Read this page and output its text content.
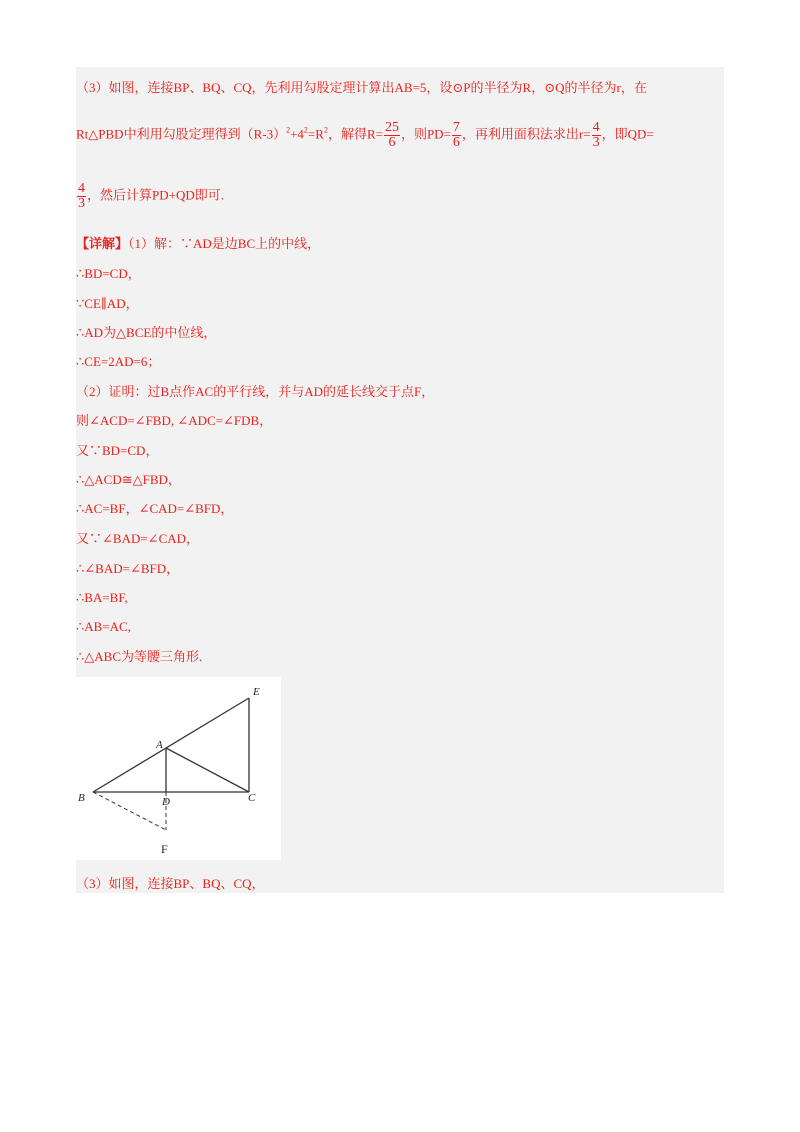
（3）如图，连接BP、BQ、CQ，先利用勾股定理计算出AB=5，设⊙P的半径为R，⊙Q的半径为r，在
Rt△PBD中利用勾股定理得到$(R-3)^2+4^2=R^2$，解得$R= \frac{25}{6}$ ，则$PD= \frac{7}{6}$ ，再利用面积法求出$r= \frac{4}{3}$ ，即QD=
$\frac{4}{3}$ ，然后计算PD+QD即可.
【详解】（1）解：∵AD是边BC上的中线，
∴BD=CD，
∵CE∥AD，
∴AD为△BCE的中位线，
∴CE=2AD=6；
（2）证明：过B点作AC的平行线，并与AD的延长线交于点F，
则∠ACD=∠FBD, ∠ADC=∠FDB，
又∵BD=CD，
∴△ACD≅△FBD，
∴AC=BF，∠CAD=∠BFD，
又∵∠BAD=∠CAD，
∴∠BAD=∠BFD，
∴BA=BF,
∴AB=AC,
∴△ABC为等腰三角形.
E
A
B	D	C
F
（3）如图，连接BP、BQ、CQ，
